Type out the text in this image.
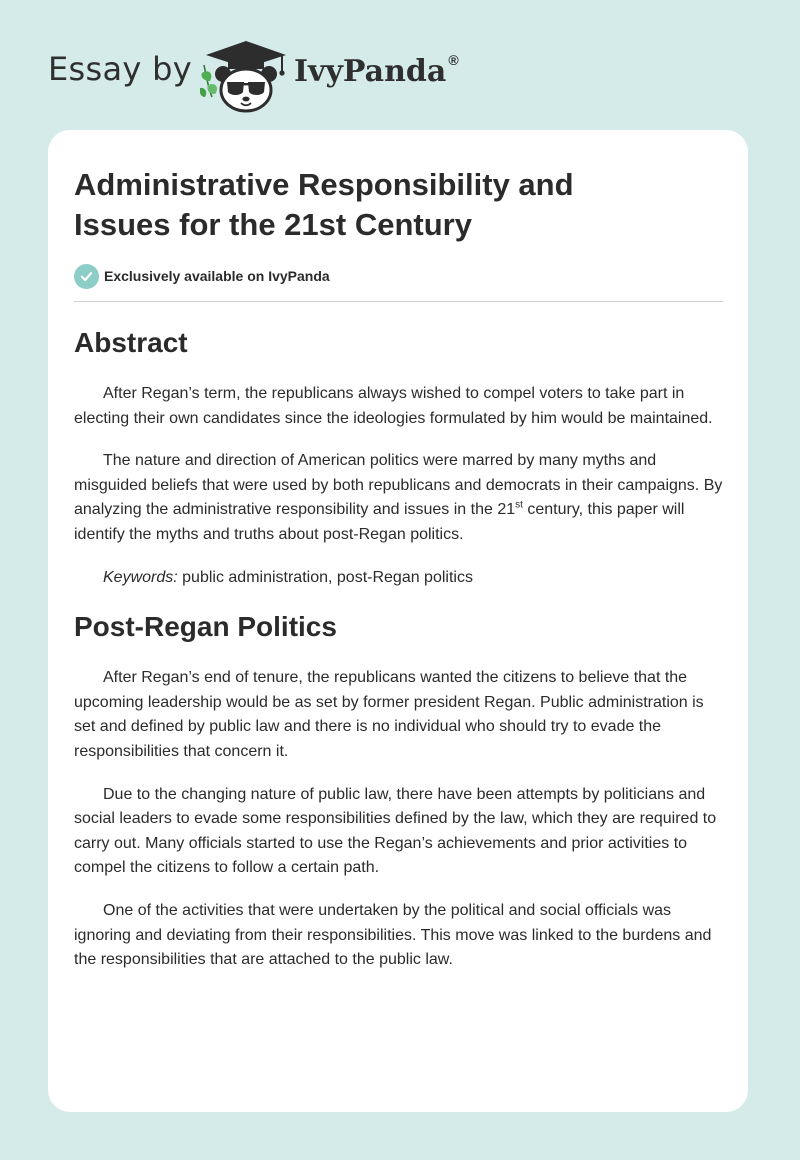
Essay by	IvyPanda ®
Administrative Responsibility and Issues for the 21st Century
Exclusively available on IvyPanda
Abstract

After Regan’s term, the republicans always wished to compel voters to take part in electing their own candidates since the ideologies formulated by him would be maintained.

The nature and direction of American politics were marred by many myths and misguided beliefs that were used by both republicans and democrats in their campaigns. By analyzing the administrative responsibility and issues in the 21st century, this paper will identify the myths and truths about post-Regan politics.

Keywords: public administration, post-Regan politics

Post-Regan Politics

After Regan’s end of tenure, the republicans wanted the citizens to believe that the upcoming leadership would be as set by former president Regan. Public administration is set and defined by public law and there is no individual who should try to evade the responsibilities that concern it.

Due to the changing nature of public law, there have been attempts by politicians and social leaders to evade some responsibilities defined by the law, which they are required to carry out. Many officials started to use the Regan’s achievements and prior activities to compel the citizens to follow a certain path.

One of the activities that were undertaken by the political and social officials was ignoring and deviating from their responsibilities. This move was linked to the burdens and the responsibilities that are attached to the public law.
